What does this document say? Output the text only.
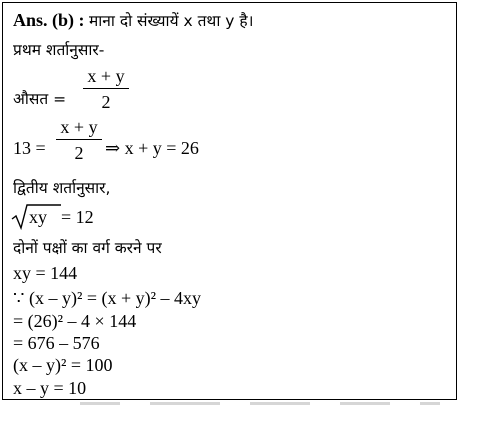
Ans. (b) : माना दो संख्यायें x तथा y है।
प्रथम शर्तानुसार-
औसत =
x + y
2
13 =
x + y
2	⇒ x + y = 26
द्वितीय शर्तानुसार,
xy = 12
दोनों पक्षों का वर्ग करने पर
xy = 144
∵ (x – y)² = (x + y)² – 4xy
= (26)² – 4 × 144
= 676 – 576
(x – y)² = 100
x – y = 10
